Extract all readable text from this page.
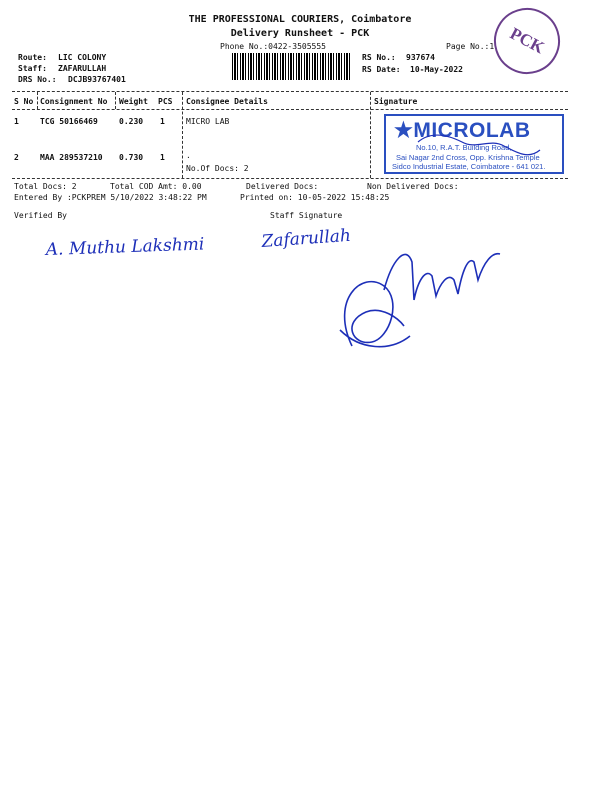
THE PROFESSIONAL COURIERS, Coimbatore
Delivery Runsheet - PCK
Phone No.:0422-3505555	Page No.:1
Route: LIC COLONY
Staff: ZAFARULLAH
DRS No.: DCJB93767401
RS No.: 937674
RS Date: 10-May-2022
PCK
S No Consignment No Weight PCS Consignee Details	Signature
1	TCG 50166469	0.230 1	MICRO LAB
2	MAA 289537210 0.730 1	.
No.Of Docs: 2
★MICROLAB
No.10, R.A.T. Building Road,
Sai Nagar 2nd Cross, Opp. Krishna Temple
Sidco Industrial Estate, Coimbatore - 641 021.
Total Docs: 2	Total COD Amt: 0.00	Delivered Docs:	Non Delivered Docs:
Entered By :PCKPREM 5/10/2022 3:48:22 PM	Printed on: 10-05-2022 15:48:25
Verified By	Staff Signature
A. Muthu Lakshmi	Zafarullah
